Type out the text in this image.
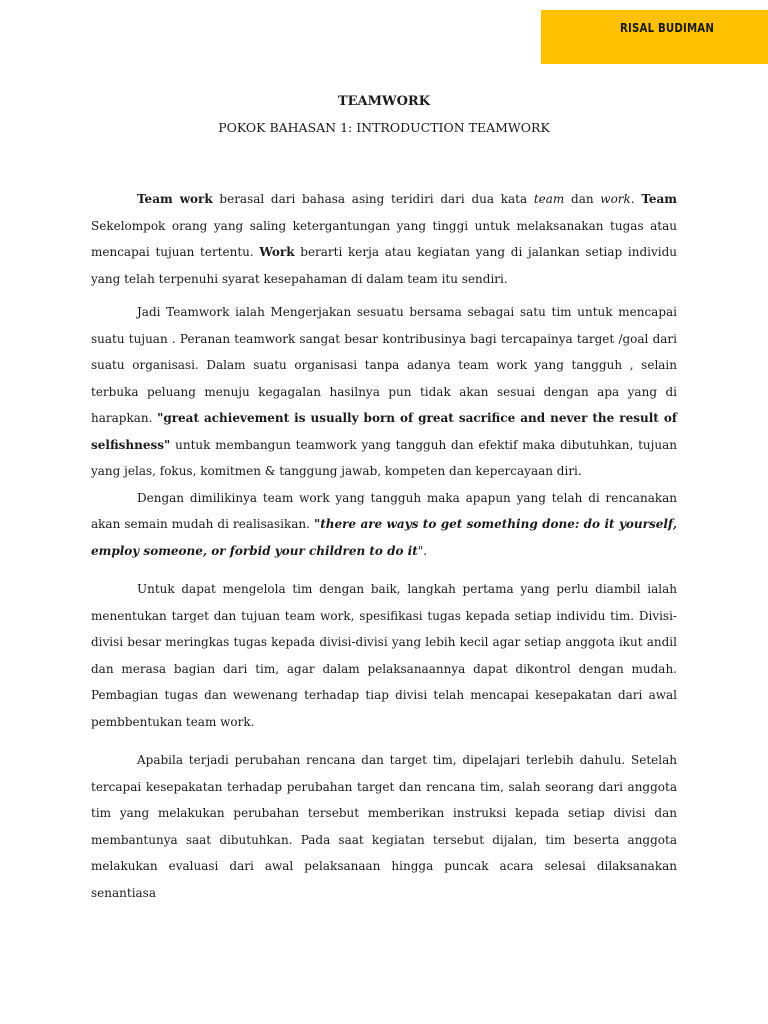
RISAL BUDIMAN
TEAMWORK
POKOK BAHASAN 1: INTRODUCTION TEAMWORK

Team work berasal dari bahasa asing teridiri dari dua kata team dan work. Team Sekelompok orang yang saling ketergantungan yang tinggi untuk melaksanakan tugas atau mencapai tujuan tertentu. Work berarti kerja atau kegiatan yang di jalankan setiap individu yang telah terpenuhi syarat kesepahaman di dalam team itu sendiri.

Jadi Teamwork ialah Mengerjakan sesuatu bersama sebagai satu tim untuk mencapai suatu tujuan . Peranan teamwork sangat besar kontribusinya bagi tercapainya target /goal dari suatu organisasi. Dalam suatu organisasi tanpa adanya team work yang tangguh , selain terbuka peluang menuju kegagalan hasilnya pun tidak akan sesuai dengan apa yang di harapkan. "great achievement is usually born of great sacrifice and never the result of selfishness" untuk membangun teamwork yang tangguh dan efektif maka dibutuhkan, tujuan yang jelas, fokus, komitmen & tanggung jawab, kompeten dan kepercayaan diri.

Dengan dimilikinya team work yang tangguh maka apapun yang telah di rencanakan akan semain mudah di realisasikan. "there are ways to get something done: do it yourself, employ someone, or forbid your children to do it".

Untuk dapat mengelola tim dengan baik, langkah pertama yang perlu diambil ialah menentukan target dan tujuan team work, spesifikasi tugas kepada setiap individu tim. Divisi-divisi besar meringkas tugas kepada divisi-divisi yang lebih kecil agar setiap anggota ikut andil dan merasa bagian dari tim, agar dalam pelaksanaannya dapat dikontrol dengan mudah. Pembagian tugas dan wewenang terhadap tiap divisi telah mencapai kesepakatan dari awal pembbentukan team work.

Apabila terjadi perubahan rencana dan target tim, dipelajari terlebih dahulu. Setelah tercapai kesepakatan terhadap perubahan target dan rencana tim, salah seorang dari anggota tim yang melakukan perubahan tersebut memberikan instruksi kepada setiap divisi dan membantunya saat dibutuhkan. Pada saat kegiatan tersebut dijalan, tim beserta anggota melakukan evaluasi dari awal pelaksanaan hingga puncak acara selesai dilaksanakan senantiasa
